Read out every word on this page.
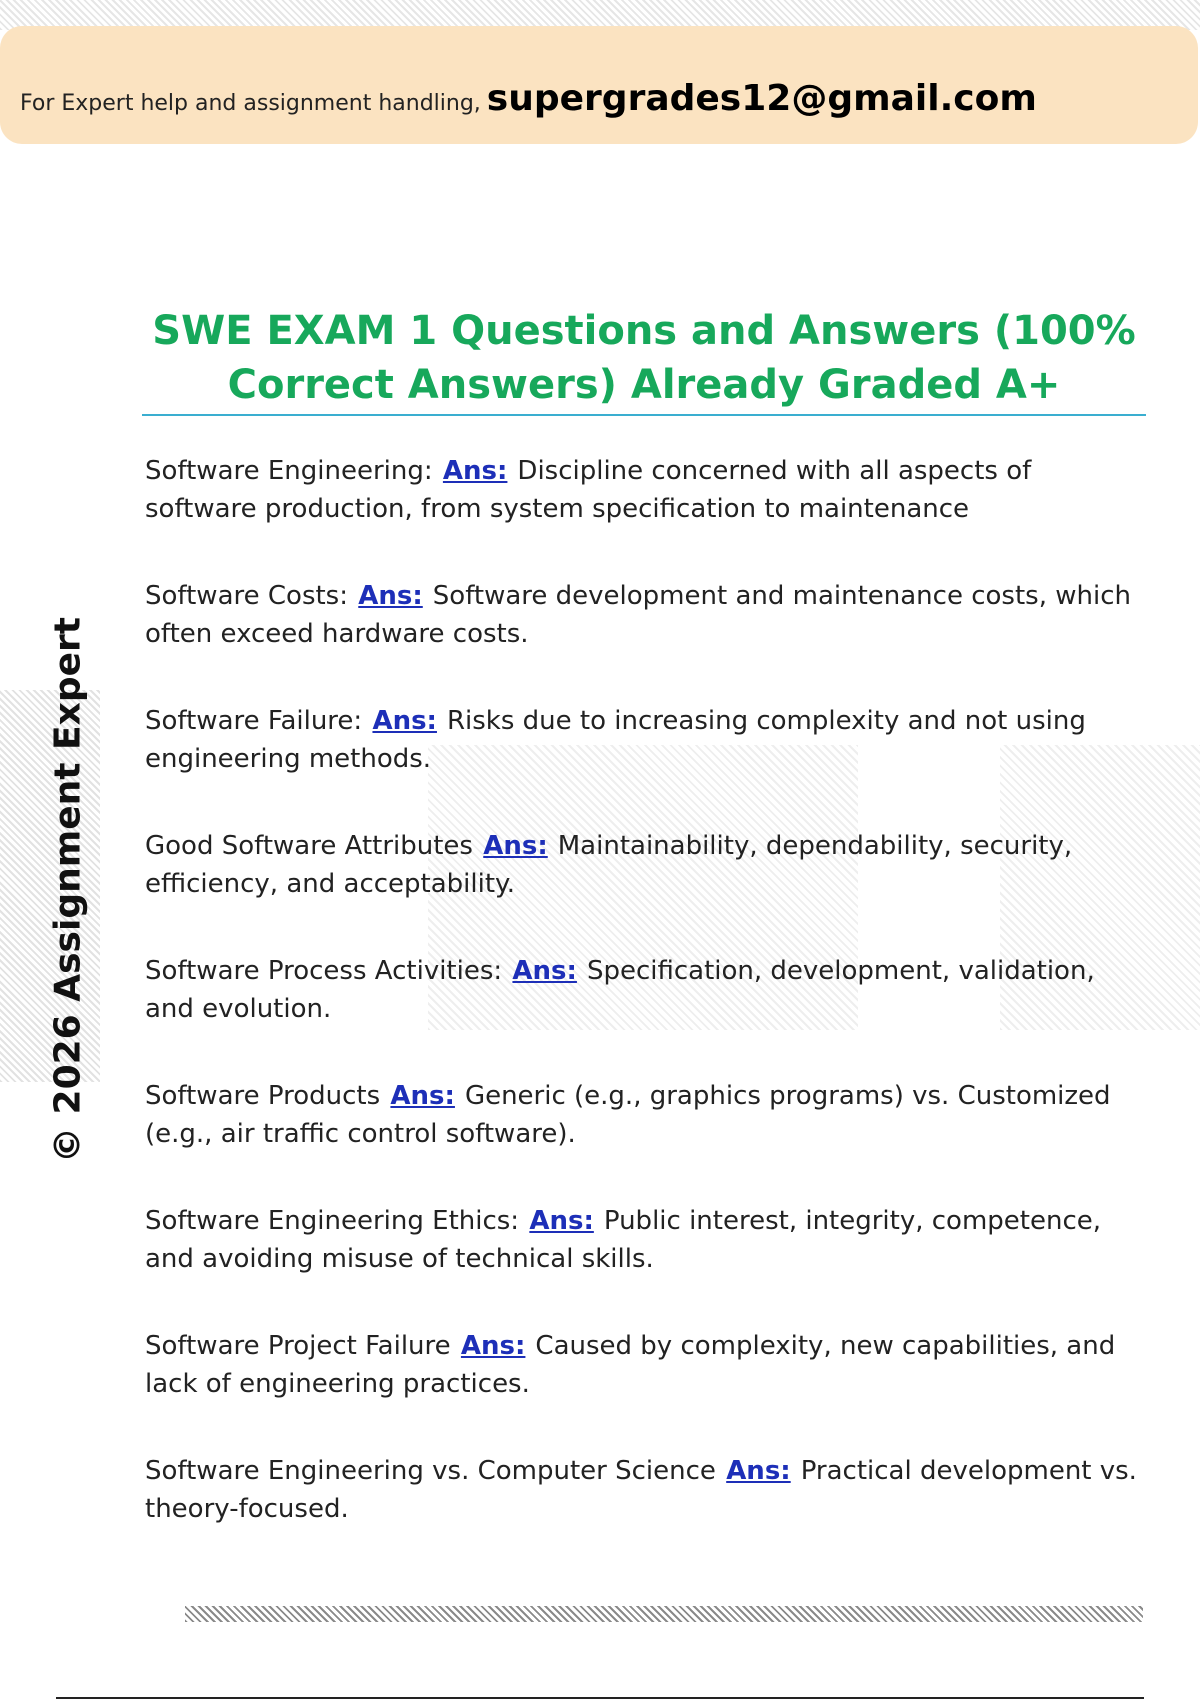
For Expert help and assignment handling, supergrades12@gmail.com
SWE EXAM 1 Questions and Answers (100% Correct Answers) Already Graded A+
© 2026 Assignment Expert
Software Engineering: Ans: Discipline concerned with all aspects of software production, from system specification to maintenance
Software Costs: Ans: Software development and maintenance costs, which often exceed hardware costs.
Software Failure: Ans: Risks due to increasing complexity and not using engineering methods.
Good Software Attributes Ans: Maintainability, dependability, security, efficiency, and acceptability.
Software Process Activities: Ans: Specification, development, validation, and evolution.
Software Products Ans: Generic (e.g., graphics programs) vs. Customized (e.g., air traffic control software).
Software Engineering Ethics: Ans: Public interest, integrity, competence, and avoiding misuse of technical skills.
Software Project Failure Ans: Caused by complexity, new capabilities, and lack of engineering practices.
Software Engineering vs. Computer Science Ans: Practical development vs. theory-focused.
